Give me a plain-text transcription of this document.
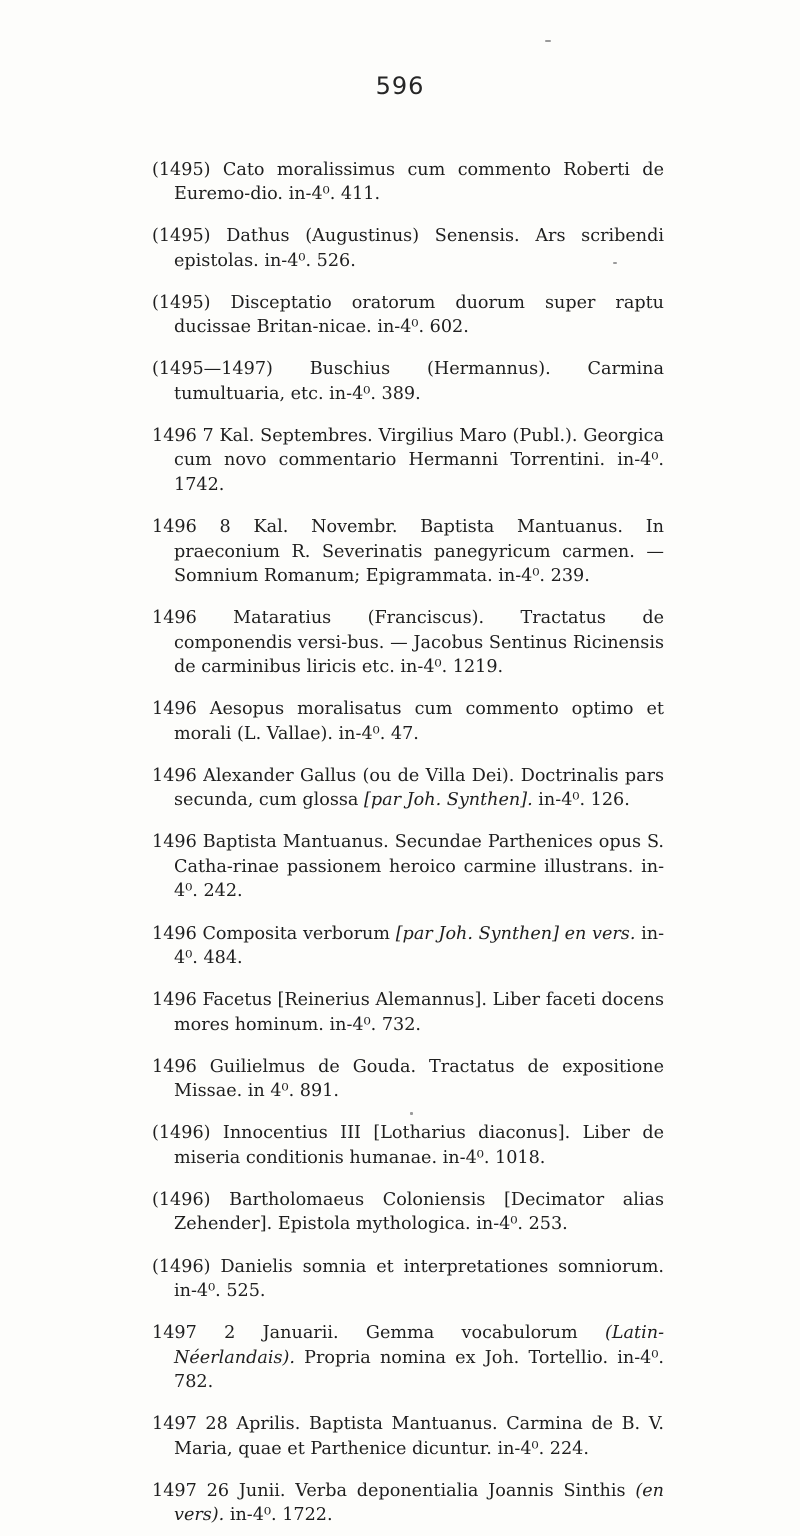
596

(1495) Cato moralissimus cum commento Roberti de Euremo-dio. in-4⁰. 411.

(1495) Dathus (Augustinus) Senensis. Ars scribendi epistolas. in-4⁰. 526.

(1495) Disceptatio oratorum duorum super raptu ducissae Britan-nicae. in-4⁰. 602.

(1495—1497) Buschius (Hermannus). Carmina tumultuaria, etc. in-4⁰. 389.

1496 7 Kal. Septembres. Virgilius Maro (Publ.). Georgica cum novo commentario Hermanni Torrentini. in-4⁰. 1742.

1496 8 Kal. Novembr. Baptista Mantuanus. In praeconium R. Severinatis panegyricum carmen. — Somnium Romanum; Epigrammata. in-4⁰. 239.

1496 Mataratius (Franciscus). Tractatus de componendis versi-bus. — Jacobus Sentinus Ricinensis de carminibus liricis etc. in-4⁰. 1219.

1496 Aesopus moralisatus cum commento optimo et morali (L. Vallae). in-4⁰. 47.

1496 Alexander Gallus (ou de Villa Dei). Doctrinalis pars secunda, cum glossa [par Joh. Synthen]. in-4⁰. 126.

1496 Baptista Mantuanus. Secundae Parthenices opus S. Catha-rinae passionem heroico carmine illustrans. in-4⁰. 242.

1496 Composita verborum [par Joh. Synthen] en vers. in-4⁰. 484.

1496 Facetus [Reinerius Alemannus]. Liber faceti docens mores hominum. in-4⁰. 732.

1496 Guilielmus de Gouda. Tractatus de expositione Missae. in 4⁰. 891.

(1496) Innocentius III [Lotharius diaconus]. Liber de miseria conditionis humanae. in-4⁰. 1018.

(1496) Bartholomaeus Coloniensis [Decimator alias Zehender]. Epistola mythologica. in-4⁰. 253.

(1496) Danielis somnia et interpretationes somniorum. in-4⁰. 525.

1497 2 Januarii. Gemma vocabulorum (Latin-Néerlandais). Propria nomina ex Joh. Tortellio. in-4⁰. 782.

1497 28 Aprilis. Baptista Mantuanus. Carmina de B. V. Maria, quae et Parthenice dicuntur. in-4⁰. 224.

1497 26 Junii. Verba deponentialia Joannis Sinthis (en vers). in-4⁰. 1722.
